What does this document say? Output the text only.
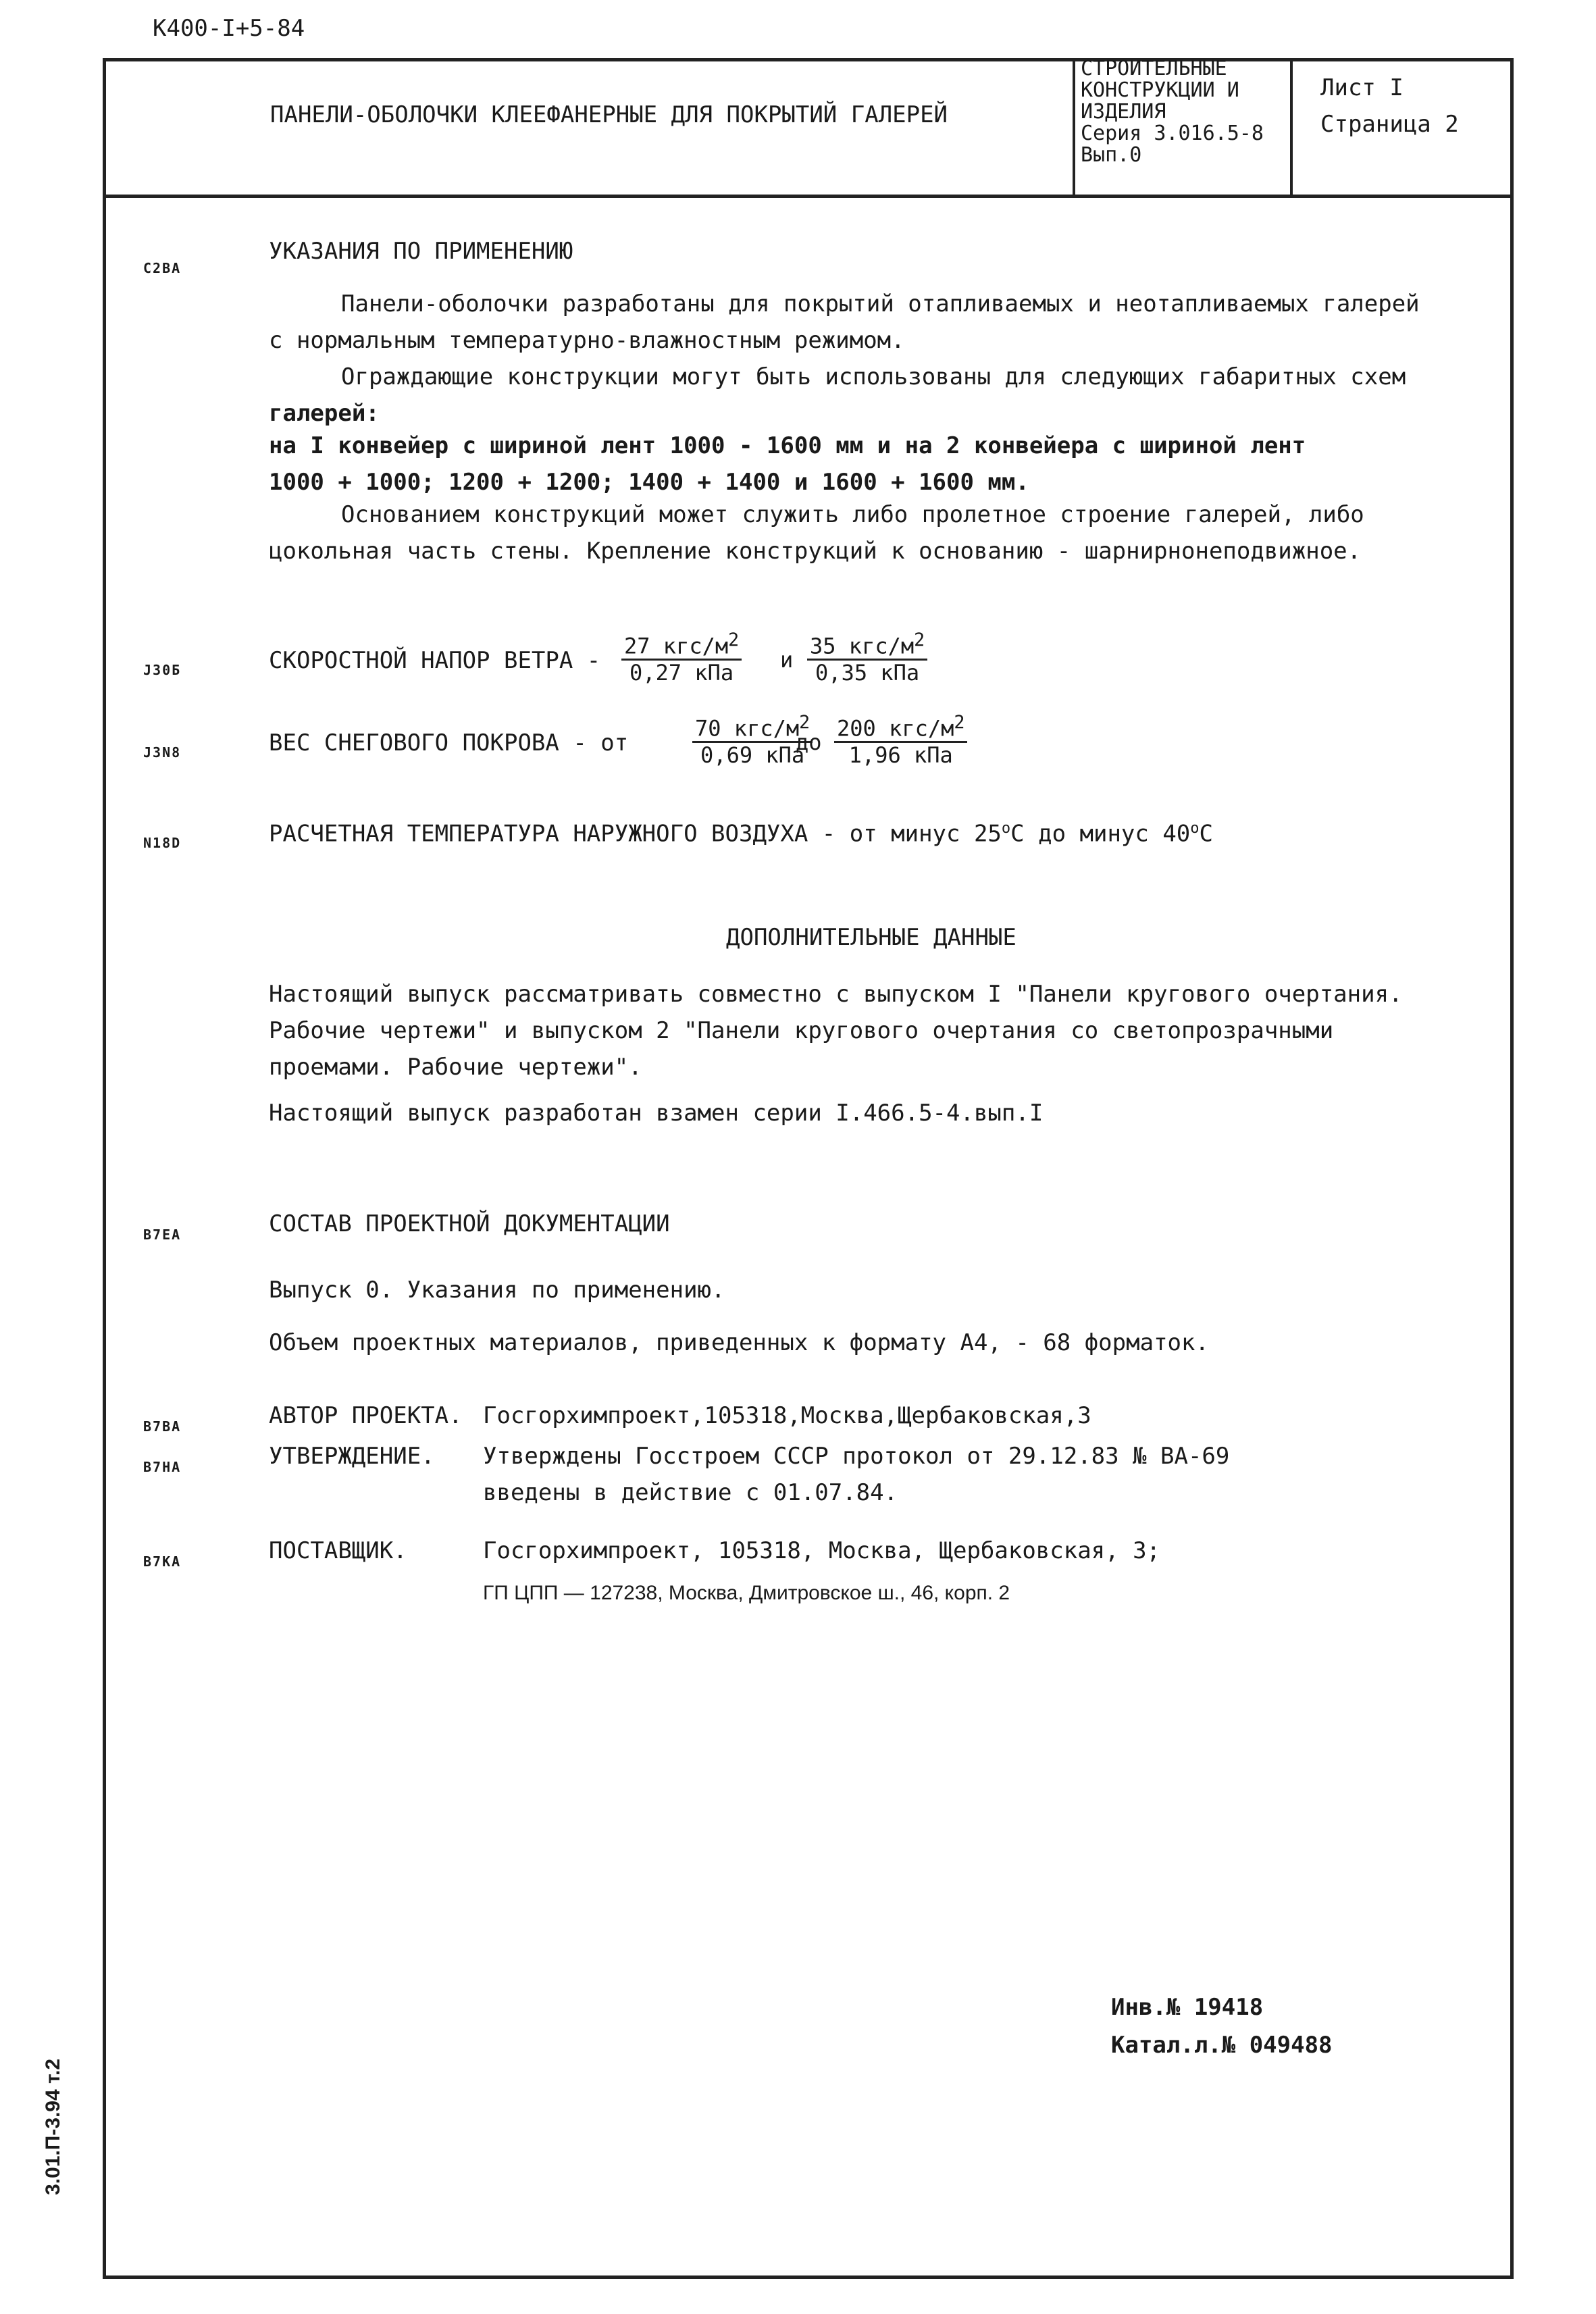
К400-I+5-84
ПАНЕЛИ-ОБОЛОЧКИ КЛЕЕФАНЕРНЫЕ ДЛЯ ПОКРЫТИЙ ГАЛЕРЕЙ
СТРОИТЕЛЬНЫЕ
КОНСТРУКЦИИ И
ИЗДЕЛИЯ
Серия 3.016.5-8
Вып.0
Лист I
Страница 2
C2BA
УКАЗАНИЯ ПО ПРИМЕНЕНИЮ
Панели-оболочки разработаны для покрытий отапливаемых и неотапливаемых галерей
с нормальным температурно-влажностным режимом.
Ограждающие конструкции могут быть использованы для следующих габаритных схем
галерей:
на I конвейер с шириной лент 1000 - 1600 мм и на 2 конвейера с шириной лент
1000 + 1000; 1200 + 1200; 1400 + 1400 и 1600 + 1600 мм.
Основанием конструкций может служить либо пролетное строение галерей, либо
цокольная часть стены. Крепление конструкций к основанию - шарнирнонеподвижное.
J30Б	СКОРОСТНОЙ НАПОР ВЕТРА -
27 кгс/$м^2$
0,27 кПа и
35 кгс/$м^2$
0,35 кПа
J3N8	ВЕС СНЕГОВОГО ПОКРОВА - от
70 кгс/$м^2$
0,69 кПа
до
200 кгс/$м^2$
1,96 кПа
N18D	РАСЧЕТНАЯ ТЕМПЕРАТУРА НАРУЖНОГО ВОЗДУХА - от минус 25$^o$С до минус 40$^o$С
ДОПОЛНИТЕЛЬНЫЕ ДАННЫЕ
Настоящий выпуск рассматривать совместно с выпуском I "Панели кругового очертания.
Рабочие чертежи" и выпуском 2 "Панели кругового очертания со светопрозрачными
проемами. Рабочие чертежи".
Настоящий выпуск разработан взамен серии I.466.5-4.вып.I
B7EA	СОСТАВ ПРОЕКТНОЙ ДОКУМЕНТАЦИИ
Выпуск 0. Указания по применению.
Объем проектных материалов, приведенных к формату А4, - 68 форматок.
B7BA	АВТОР ПРОЕКТА. Госгорхимпроект,105318,Москва,Щербаковская,3
B7HA	УТВЕРЖДЕНИЕ. Утверждены Госстроем СССР протокол от 29.12.83 № ВА-69
введены в действие с 01.07.84.
B7KA	ПОСТАВЩИК.	Госгорхимпроект, 105318, Москва, Щербаковская, 3;
ГП ЦПП — 127238, Москва, Дмитровское ш., 46, корп. 2
Инв.№ 19418
Катал.л.№ 049488
3.01.П-3.94 т.2
